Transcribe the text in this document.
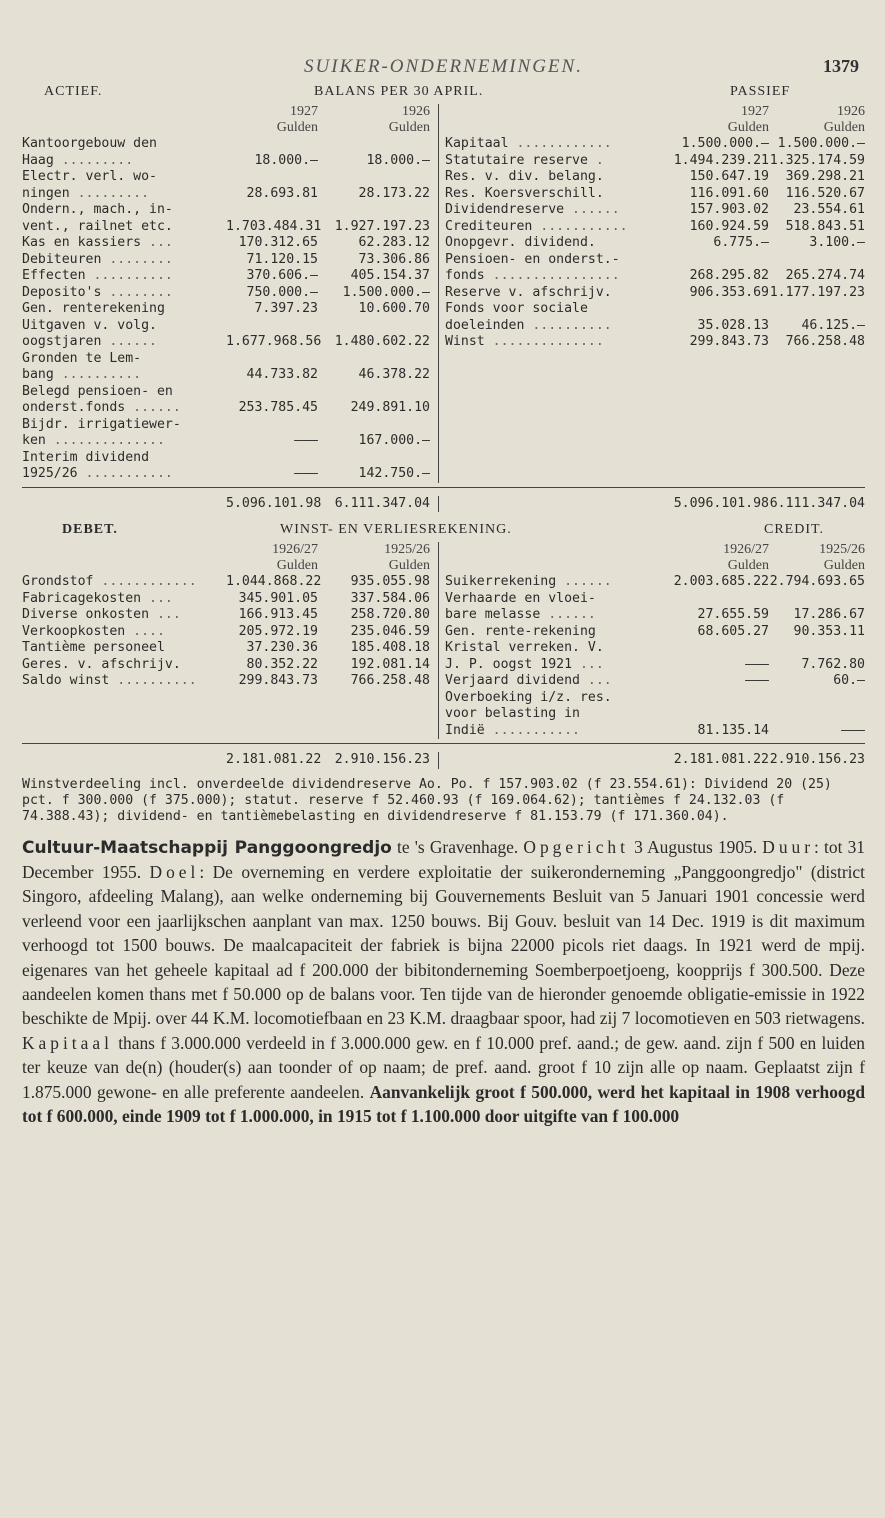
SUIKER-ONDERNEMINGEN.	1379
ACTIEF.	BALANS PER 30 APRIL.	PASSIEF
1927	1926
Gulden	Gulden
Kantoorgebouw den
Haag .........	18.000.—	18.000.—
Electr. verl. wo-
ningen .........	28.693.81	28.173.22
Ondern., mach., in-
vent., railnet etc.	1.703.484.31	1.927.197.23
Kas en kassiers ...	170.312.65	62.283.12
Debiteuren ........	71.120.15	73.306.86
Effecten ..........	370.606.—	405.154.37
Deposito's ........	750.000.—	1.500.000.—
Gen. renterekening	7.397.23	10.600.70
Uitgaven v. volg.
oogstjaren ......	1.677.968.56	1.480.602.22
Gronden te Lem-
bang ..........	44.733.82	46.378.22
Belegd pensioen- en
onderst.fonds ......	253.785.45	249.891.10
Bijdr. irrigatiewer-
ken ..............	———	167.000.—
Interim dividend
1925/26 ...........	———	142.750.—
1927	1926
Gulden	Gulden
Kapitaal ............	1.500.000.— 1.500.000.—
Statutaire reserve .	1.494.239.21 1.325.174.59
Res. v. div. belang.	150.647.19	369.298.21
Res. Koersverschill.	116.091.60	116.520.67
Dividendreserve ......	157.903.02	23.554.61
Crediteuren ...........	160.924.59	518.843.51
Onopgevr. dividend.	6.775.—	3.100.—
Pensioen- en onderst.-
fonds ................	268.295.82	265.274.74
Reserve v. afschrijv.	906.353.69 1.177.197.23
Fonds voor sociale
doeleinden ..........	35.028.13	46.125.—
Winst ..............	299.843.73	766.258.48
5.096.101.98	6.111.347.04	5.096.101.98 6.111.347.04
DEBET.	WINST- EN VERLIESREKENING.	CREDIT.
1926/27	1925/26
Gulden	Gulden
Grondstof ............	1.044.868.22	935.055.98
Fabricagekosten ...	345.901.05	337.584.06
Diverse onkosten ...	166.913.45	258.720.80
Verkoopkosten ....	205.972.19	235.046.59
Tantième personeel	37.230.36	185.408.18
Geres. v. afschrijv.	80.352.22	192.081.14
Saldo winst ..........	299.843.73	766.258.48
1926/27	1925/26
Gulden	Gulden
Suikerrekening ......	2.003.685.22 2.794.693.65
Verhaarde en vloei-
bare melasse ......	27.655.59	17.286.67
Gen. rente-rekening	68.605.27	90.353.11
Kristal verreken. V.
J. P. oogst 1921 ...	———	7.762.80
Verjaard dividend ...	———	60.—
Overboeking i/z. res.
voor belasting in
Indië ...........	81.135.14	———
2.181.081.22	2.910.156.23	2.181.081.22 2.910.156.23
Winstverdeeling incl. onverdeelde dividendreserve Ao. Po. f 157.903.02 (f 23.554.61): Dividend 20 (25) pct. f 300.000 (f 375.000); statut. reserve f 52.460.93 (f 169.064.62); tantièmes f 24.132.03 (f 74.388.43); dividend- en tantièmebelasting en dividendreserve f 81.153.79 (f 171.360.04).
Cultuur-Maatschappij Panggoongredjo te 's Gravenhage. Opgericht 3 Augustus 1905. Duur: tot 31 December 1955. Doel: De overneming en verdere exploitatie der suikeronderneming „Panggoongredjo" (district Singoro, afdeeling Malang), aan welke onderneming bij Gouvernements Besluit van 5 Januari 1901 concessie werd verleend voor een jaarlijkschen aanplant van max. 1250 bouws. Bij Gouv. besluit van 14 Dec. 1919 is dit maximum verhoogd tot 1500 bouws. De maalcapaciteit der fabriek is bijna 22000 picols riet daags. In 1921 werd de mpij. eigenares van het geheele kapitaal ad f 200.000 der bibitonderneming Soemberpoetjoeng, koopprijs f 300.500. Deze aandeelen komen thans met f 50.000 op de balans voor. Ten tijde van de hieronder genoemde obligatie-emissie in 1922 beschikte de Mpij. over 44 K.M. locomotiefbaan en 23 K.M. draagbaar spoor, had zij 7 locomotieven en 503 rietwagens. Kapitaal thans f 3.000.000 verdeeld in f 3.000.000 gew. en f 10.000 pref. aand.; de gew. aand. zijn f 500 en luiden ter keuze van de(n) (houder(s) aan toonder of op naam; de pref. aand. groot f 10 zijn alle op naam. Geplaatst zijn f 1.875.000 gewone- en alle preferente aandeelen. Aanvankelijk groot f 500.000, werd het kapitaal in 1908 verhoogd tot f 600.000, einde 1909 tot f 1.000.000, in 1915 tot f 1.100.000 door uitgifte van f 100.000
